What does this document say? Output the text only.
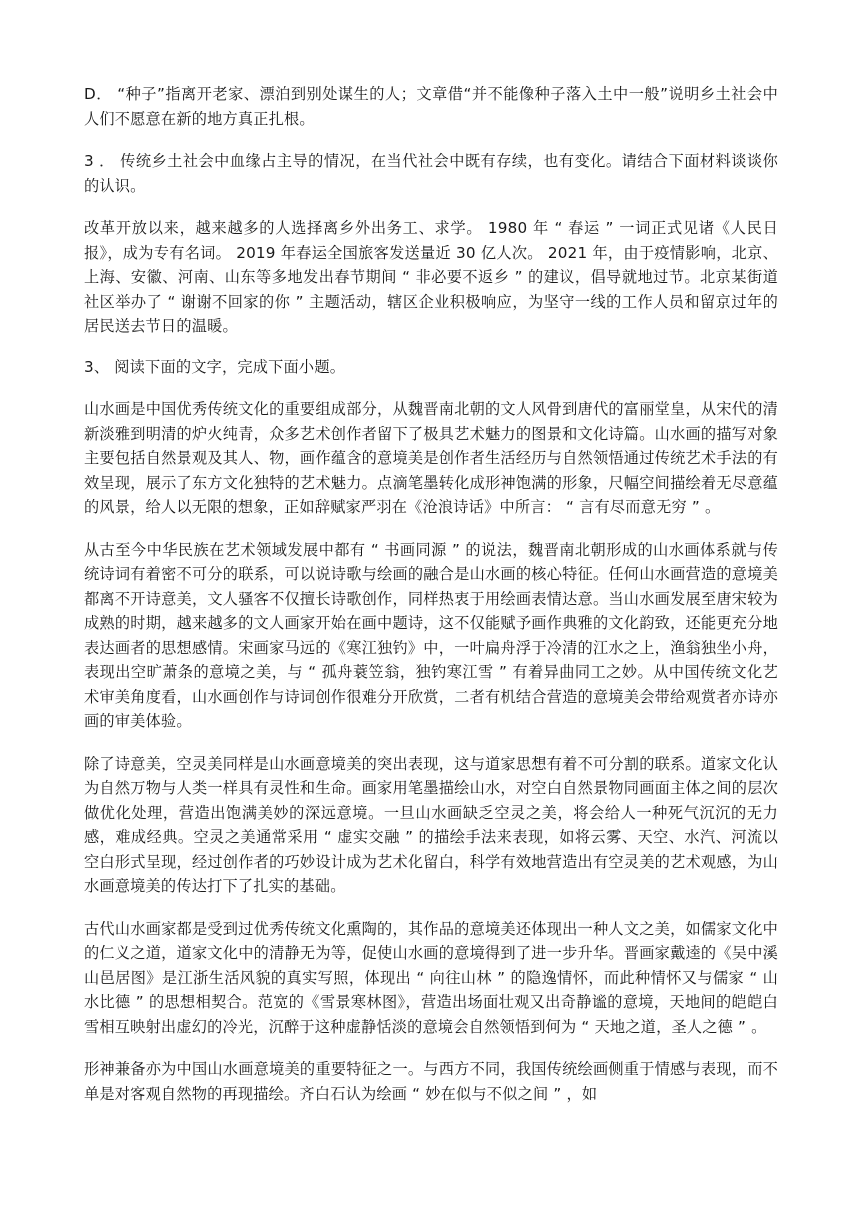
D． “种子”指离开老家、漂泊到别处谋生的人；文章借“并不能像种子落入土中一般”说明乡土社会中人们不愿意在新的地方真正扎根。

3 ． 传统乡土社会中血缘占主导的情况，在当代社会中既有存续，也有变化。请结合下面材料谈谈你的认识。

改革开放以来，越来越多的人选择离乡外出务工、求学。 1980 年 “ 春运 ” 一词正式见诸《人民日报》，成为专有名词。 2019 年春运全国旅客发送量近 30 亿人次。 2021 年，由于疫情影响，北京、上海、安徽、河南、山东等多地发出春节期间 “ 非必要不返乡 ” 的建议，倡导就地过节。北京某街道社区举办了 “ 谢谢不回家的你 ” 主题活动，辖区企业积极响应，为坚守一线的工作人员和留京过年的居民送去节日的温暖。

3、 阅读下面的文字，完成下面小题。

山水画是中国优秀传统文化的重要组成部分，从魏晋南北朝的文人风骨到唐代的富丽堂皇，从宋代的清新淡雅到明清的炉火纯青，众多艺术创作者留下了极具艺术魅力的图景和文化诗篇。山水画的描写对象主要包括自然景观及其人、物，画作蕴含的意境美是创作者生活经历与自然领悟通过传统艺术手法的有效呈现，展示了东方文化独特的艺术魅力。点滴笔墨转化成形神饱满的形象，尺幅空间描绘着无尽意蕴的风景，给人以无限的想象，正如辞赋家严羽在《沧浪诗话》中所言： “ 言有尽而意无穷 ” 。

从古至今中华民族在艺术领域发展中都有 “ 书画同源 ” 的说法，魏晋南北朝形成的山水画体系就与传统诗词有着密不可分的联系，可以说诗歌与绘画的融合是山水画的核心特征。任何山水画营造的意境美都离不开诗意美，文人骚客不仅擅长诗歌创作，同样热衷于用绘画表情达意。当山水画发展至唐宋较为成熟的时期，越来越多的文人画家开始在画中题诗，这不仅能赋予画作典雅的文化韵致，还能更充分地表达画者的思想感情。宋画家马远的《寒江独钓》中，一叶扁舟浮于冷清的江水之上，渔翁独坐小舟，表现出空旷萧条的意境之美，与 “ 孤舟蓑笠翁，独钓寒江雪 ” 有着异曲同工之妙。从中国传统文化艺术审美角度看，山水画创作与诗词创作很难分开欣赏，二者有机结合营造的意境美会带给观赏者亦诗亦画的审美体验。

除了诗意美，空灵美同样是山水画意境美的突出表现，这与道家思想有着不可分割的联系。道家文化认为自然万物与人类一样具有灵性和生命。画家用笔墨描绘山水，对空白自然景物同画面主体之间的层次做优化处理，营造出饱满美妙的深远意境。一旦山水画缺乏空灵之美，将会给人一种死气沉沉的无力感，难成经典。空灵之美通常采用 “ 虚实交融 ” 的描绘手法来表现，如将云雾、天空、水汽、河流以空白形式呈现，经过创作者的巧妙设计成为艺术化留白，科学有效地营造出有空灵美的艺术观感，为山水画意境美的传达打下了扎实的基础。

古代山水画家都是受到过优秀传统文化熏陶的，其作品的意境美还体现出一种人文之美，如儒家文化中的仁义之道，道家文化中的清静无为等，促使山水画的意境得到了进一步升华。晋画家戴逵的《吴中溪山邑居图》是江浙生活风貌的真实写照，体现出 “ 向往山林 ” 的隐逸情怀，而此种情怀又与儒家 “ 山水比德 ” 的思想相契合。范宽的《雪景寒林图》，营造出场面壮观又出奇静谧的意境，天地间的皑皑白雪相互映射出虚幻的冷光，沉醉于这种虚静恬淡的意境会自然领悟到何为 “ 天地之道，圣人之德 ” 。

形神兼备亦为中国山水画意境美的重要特征之一。与西方不同，我国传统绘画侧重于情感与表现，而不单是对客观自然物的再现描绘。齐白石认为绘画 “ 妙在似与不似之间 ” ，如
